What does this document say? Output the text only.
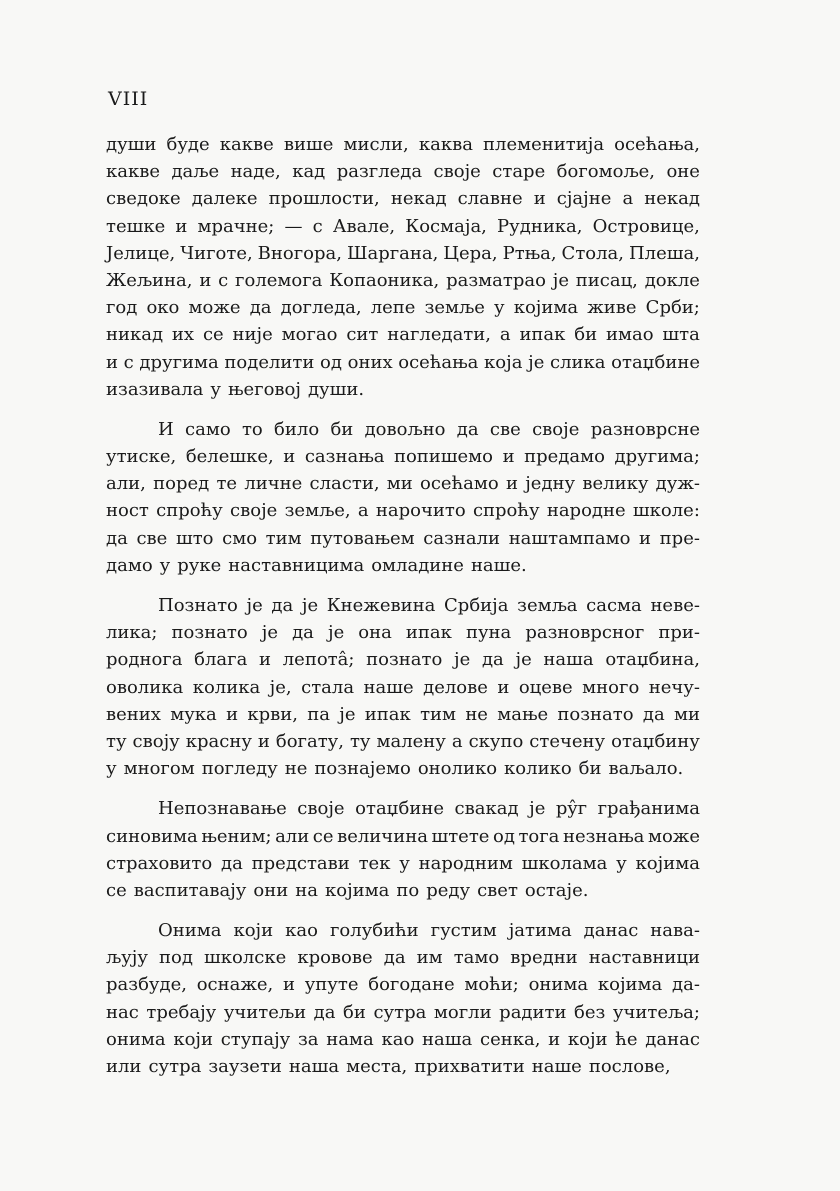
VIII

души буде какве више мисли, каква племенитија осећања,
какве даље наде, кад разгледа своје старе богомоље, оне
сведоке далеке прошлости, некад славне и сјајне а некад
тешке и мрачне; — с Авале, Космаја, Рудника, Островице,
Јелице, Чиготе, Вногора, Шаргана, Цера, Ртња, Стола, Плеша,
Жељина, и с големога Копаоника, разматрао је писац, докле
год око може да догледа, лепе земље у којима живе Срби;
никад их се није могао сит нагледати, а ипак би имао шта
и с другима поделити од оних осећања која је слика отаџбине
изазивала у његовој души.
И само то било би довољно да све своје разноврсне
утиске, белешке, и сазнања попишемо и предамо другима;
али, поред те личне сласти, ми осећамо и једну велику дуж-
ност спроћу своје земље, а нарочито спроћу народне школе:
да све што смо тим путовањем сазнали наштампамо и пре-
дамо у руке наставницима омладине наше.
Познато је да је Кнежевина Србија земља сасма неве-
лика; познато је да је она ипак пуна разноврсног при-
родногa блага и лепотâ; познато је да је наша отаџбина,
оволика колика је, стала наше деловe и оцеве много нечу-
вених мука и крви, па је ипак тим не мање познато да ми
ту своју красну и богату, ту малену а скупо стечену отаџбину
у многом погледу не познајемо онолико колико би ваљало.
Непознавање своје отаџбине свакад је рŷг грађанима
синовима њеним; али се величина штете од тога незнања може
страховито да представи тек у народним школама у којима
се васпитавају они на којима по реду свет остаје.
Онима који као голубићи густим јатима данас нава-
љују под школске кровове да им тамо вредни наставници
разбуде, оснаже, и упуте богодане моћи; онима којима да-
нас требају учитељи да би сутра могли радити без учитеља;
онима који ступају за нама као наша сенка, и који ће данас
или сутра заузети наша места, прихватити наше послове,
